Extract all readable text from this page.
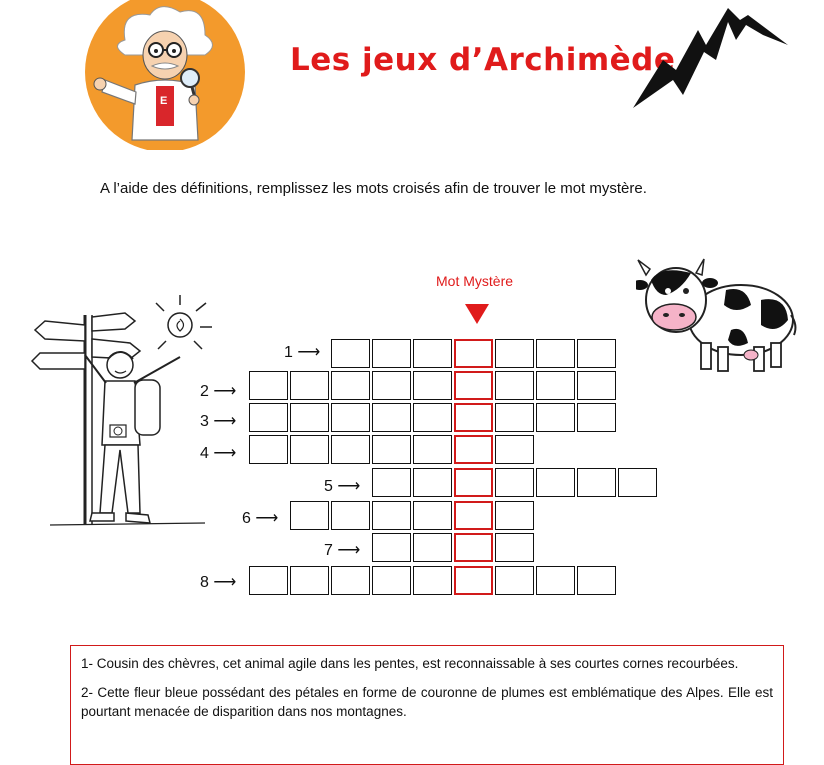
E
Les jeux d’Archimède
A l’aide des définitions, remplissez les mots croisés afin de trouver le mot mystère.
Mot Mystère
1 ⟶
2 ⟶
3 ⟶
4 ⟶
5 ⟶
6 ⟶
7 ⟶
8 ⟶

1- Cousin des chèvres, cet animal agile dans les pentes, est reconnaissable à ses courtes cornes recourbées.

2- Cette fleur bleue possédant des pétales en forme de couronne de plumes est emblématique des Alpes. Elle est pourtant menacée de disparition dans nos montagnes.
